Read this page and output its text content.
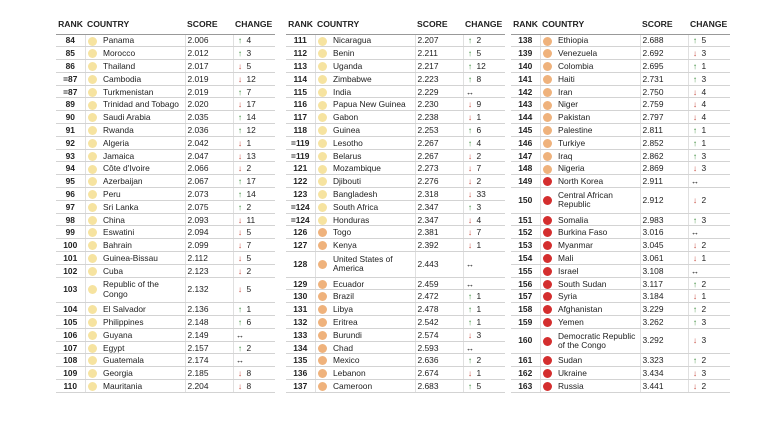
RANK	COUNTRY		SCORE	CHANGE
84		Panama	2.006	↑ 4
85		Morocco	2.012	↑ 3
86		Thailand	2.017	↓ 5
=87		Cambodia	2.019	↓ 12
=87		Turkmenistan	2.019	↑ 7
89		Trinidad and Tobago	2.020	↓ 17
90		Saudi Arabia	2.035	↑ 14
91		Rwanda	2.036	↑ 12
92		Algeria	2.042	↓ 1
93		Jamaica	2.047	↓ 13
94		Côte d'Ivoire	2.066	↓ 2
95		Azerbaijan	2.067	↑ 17
96		Peru	2.073	↑ 14
97		Sri Lanka	2.075	↑ 2
98		China	2.093	↓ 11
99		Eswatini	2.094	↓ 5
100		Bahrain	2.099	↓ 7
101		Guinea-Bissau	2.112	↓ 5
102		Cuba	2.123	↓ 2
103		Republic of the Congo	2.132	↓ 5
104		El Salvador	2.136	↑ 1
105		Philippines	2.148	↑ 6
106		Guyana	2.149	↔
107		Egypt	2.157	↑ 2
108		Guatemala	2.174	↔
109		Georgia	2.185	↓ 8
110		Mauritania	2.204	↓ 8
RANK	COUNTRY		SCORE	CHANGE
111		Nicaragua	2.207	↑ 2
112		Benin	2.211	↑ 5
113		Uganda	2.217	↑ 12
114		Zimbabwe	2.223	↑ 8
115		India	2.229	↔
116		Papua New Guinea	2.230	↓ 9
117		Gabon	2.238	↓ 1
118		Guinea	2.253	↑ 6
=119		Lesotho	2.267	↑ 4
=119		Belarus	2.267	↓ 2
121		Mozambique	2.273	↓ 7
122		Djibouti	2.276	↓ 2
123		Bangladesh	2.318	↓ 33
=124		South Africa	2.347	↑ 3
=124		Honduras	2.347	↓ 4
126		Togo	2.381	↓ 7
127		Kenya	2.392	↓ 1
128		United States of America	2.443	↔
129		Ecuador	2.459	↔
130		Brazil	2.472	↑ 1
131		Libya	2.478	↑ 1
132		Eritrea	2.542	↑ 1
133		Burundi	2.574	↓ 3
134		Chad	2.593	↔
135		Mexico	2.636	↑ 2
136		Lebanon	2.674	↓ 1
137		Cameroon	2.683	↑ 5
RANK	COUNTRY		SCORE	CHANGE
138		Ethiopia	2.688	↑ 5
139		Venezuela	2.692	↓ 3
140		Colombia	2.695	↑ 1
141		Haiti	2.731	↑ 3
142		Iran	2.750	↓ 4
143		Niger	2.759	↓ 4
144		Pakistan	2.797	↓ 4
145		Palestine	2.811	↑ 1
146		Turkiye	2.852	↑ 1
147		Iraq	2.862	↑ 3
148		Nigeria	2.869	↓ 3
149		North Korea	2.911	↔
150		Central African Republic	2.912	↓ 2
151		Somalia	2.983	↑ 3
152		Burkina Faso	3.016	↔
153		Myanmar	3.045	↓ 2
154		Mali	3.061	↓ 1
155		Israel	3.108	↔
156		South Sudan	3.117	↑ 2
157		Syria	3.184	↓ 1
158		Afghanistan	3.229	↑ 2
159		Yemen	3.262	↑ 3
160		Democratic Republic of the Congo	3.292	↓ 3
161		Sudan	3.323	↑ 2
162		Ukraine	3.434	↓ 3
163		Russia	3.441	↓ 2
